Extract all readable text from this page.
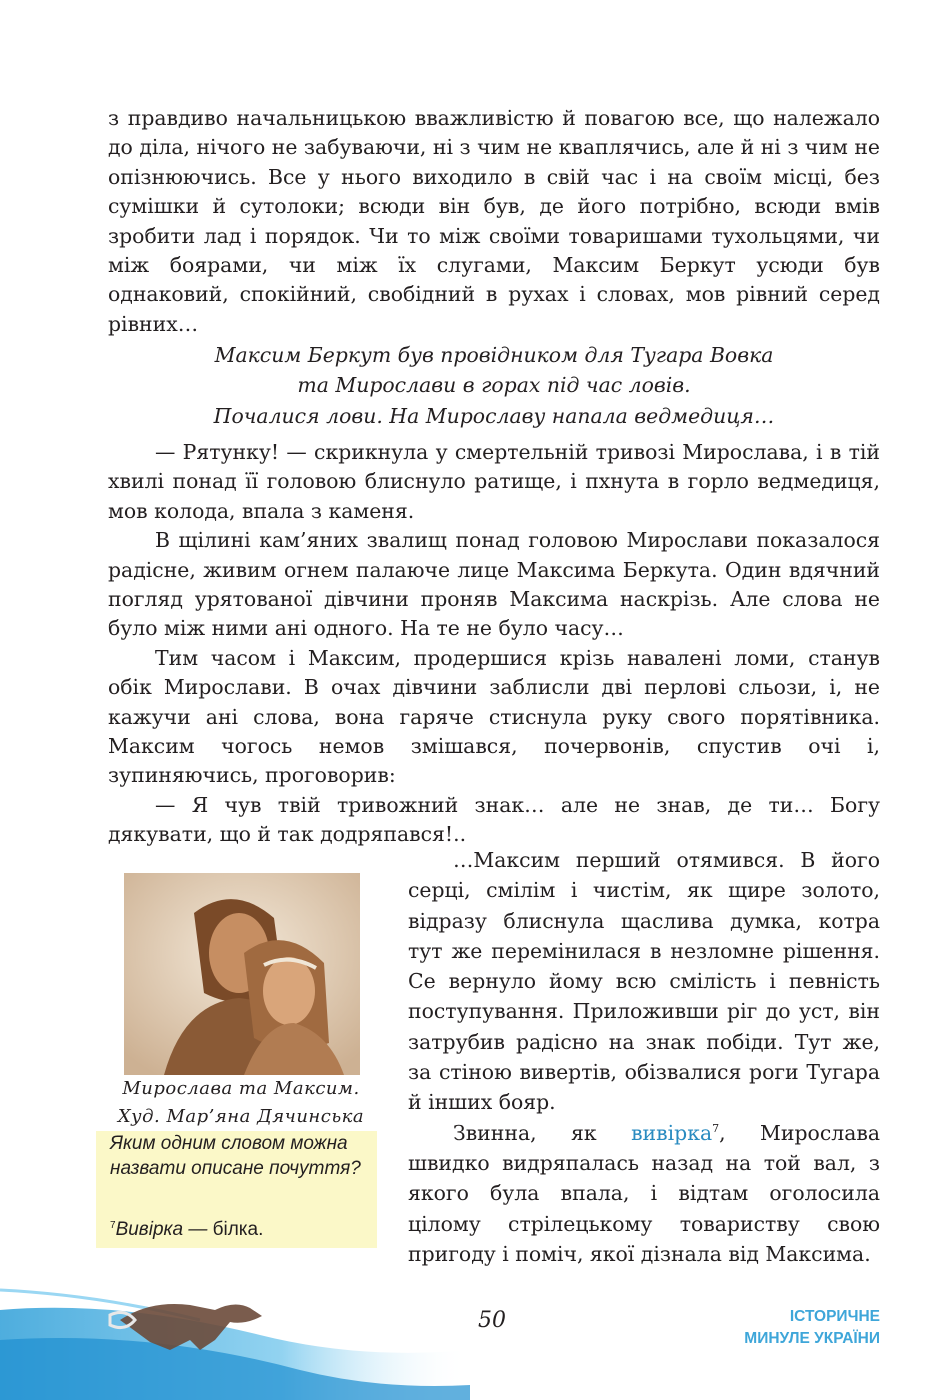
з правдиво начальницькою вважливістю й повагою все, що належало до діла, нічого не забуваючи, ні з чим не кваплячись, але й ні з чим не опізнюючись. Все у нього виходило в свій час і на своїм місці, без сумішки й сутолоки; всюди він був, де його потрібно, всюди вмів зробити лад і порядок. Чи то між своїми товаришами тухольцями, чи між боярами, чи між їх слугами, Максим Беркут усюди був однаковий, спокійний, свобідний в рухах і словах, мов рівний серед рівних…

Максим Беркут був провідником для Тугара Вовка
та Мирослави в горах під час ловів.
Почалися лови. На Мирославу напала ведмедиця…

— Рятунку! — скрикнула у смертельній тривозі Мирослава, і в тій хвилі понад її головою блиснуло ратище, і пхнута в горло ведмедиця, мов колода, впала з каменя.

В щілині кам’яних звалищ понад головою Мирослави показалося радісне, живим огнем палаюче лице Максима Беркута. Один вдячний погляд урятованої дівчини проняв Максима наскрізь. Але слова не було між ними ані одного. На те не було часу…

Тим часом і Максим, продершися крізь навалені ломи, станув обік Мирослави. В очах дівчини заблисли дві перлові сльози, і, не кажучи ані слова, вона гаряче стиснула руку свого порятівника. Максим чогось немов змішався, почервонів, спустив очі і, зупиняючись, проговорив:

— Я чув твій тривожний знак… але не знав, де ти… Богу дякувати, що й так додряпався!..

Мирослава та Максим.
Худ. Мар’яна Дячинська
Яким одним словом можна назвати описане почуття?
$^7$Вивірка — білка.

…Максим перший отямився. В його серці, смілім і чистім, як щире золото, відразу блиснула щаслива думка, котра тут же перемінилася в незломне рішення. Се вернуло йому всю смілість і певність поступування. Приложивши ріг до уст, він затрубив радісно на знак побіди. Тут же, за стіною вивертів, обізвалися роги Тугара й інших бояр.

Звинна, як вивірка$^7$, Мирослава швидко видряпалась назад на той вал, з якого була впала, і відтам оголосила цілому стрілецькому товариству свою пригоду і поміч, якої дізнала від Максима.

50	ІСТОРИЧНЕ
МИНУЛЕ УКРАЇНИ
